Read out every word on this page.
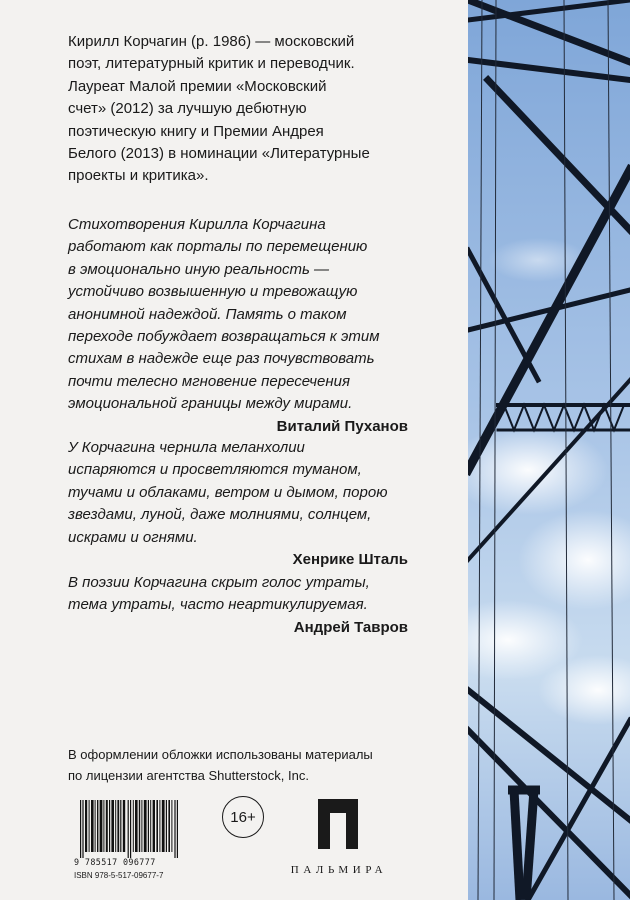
Кирилл Корчагин (р. 1986) — московский
поэт, литературный критик и переводчик.
Лауреат Малой премии «Московский
счет» (2012) за лучшую дебютную
поэтическую книгу и Премии Андрея
Белого (2013) в номинации «Литературные
проекты и критика».

Стихотворения Кирилла Корчагина
работают как порталы по перемещению
в эмоционально иную реальность —
устойчиво возвышенную и тревожащую
анонимной надеждой. Память о таком
переходе побуждает возвращаться к этим
стихам в надежде еще раз почувствовать
почти телесно мгновение пересечения
эмоциональной границы между мирами.

Виталий Пуханов

У Корчагина чернила меланхолии
испаряются и просветляются туманом,
тучами и облаками, ветром и дымом, порою
звездами, луной, даже молниями, солнцем,
искрами и огнями.

Хенрике Шталь

В поэзии Корчагина скрыт голос утраты,
тема утраты, часто неартикулируемая.

Андрей Тавров

В оформлении обложки использованы материалы
по лицензии агентства Shutterstock, Inc.

9 785517 096777

ISBN 978-5-517-09677-7

16+

ПАЛЬМИРА
